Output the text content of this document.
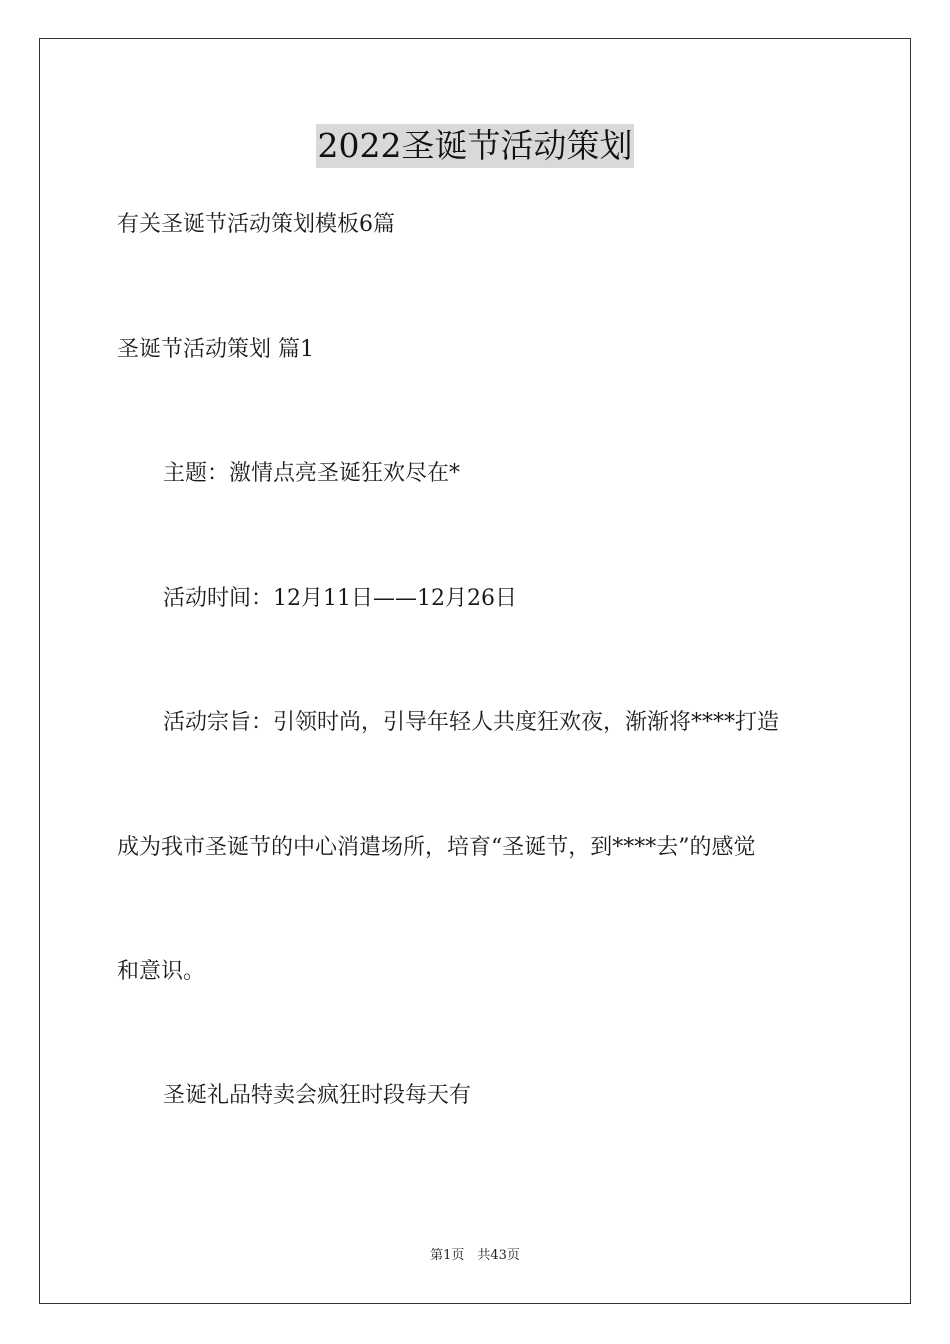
2022圣诞节活动策划
有关圣诞节活动策划模板6篇
圣诞节活动策划 篇1
主题：激情点亮圣诞狂欢尽在*
活动时间：12月11日——12月26日
活动宗旨：引领时尚，引导年轻人共度狂欢夜，渐渐将****打造
成为我市圣诞节的中心消遣场所，培育“圣诞节，到****去”的感觉
和意识。
圣诞礼品特卖会疯狂时段每天有
第1页　共43页
